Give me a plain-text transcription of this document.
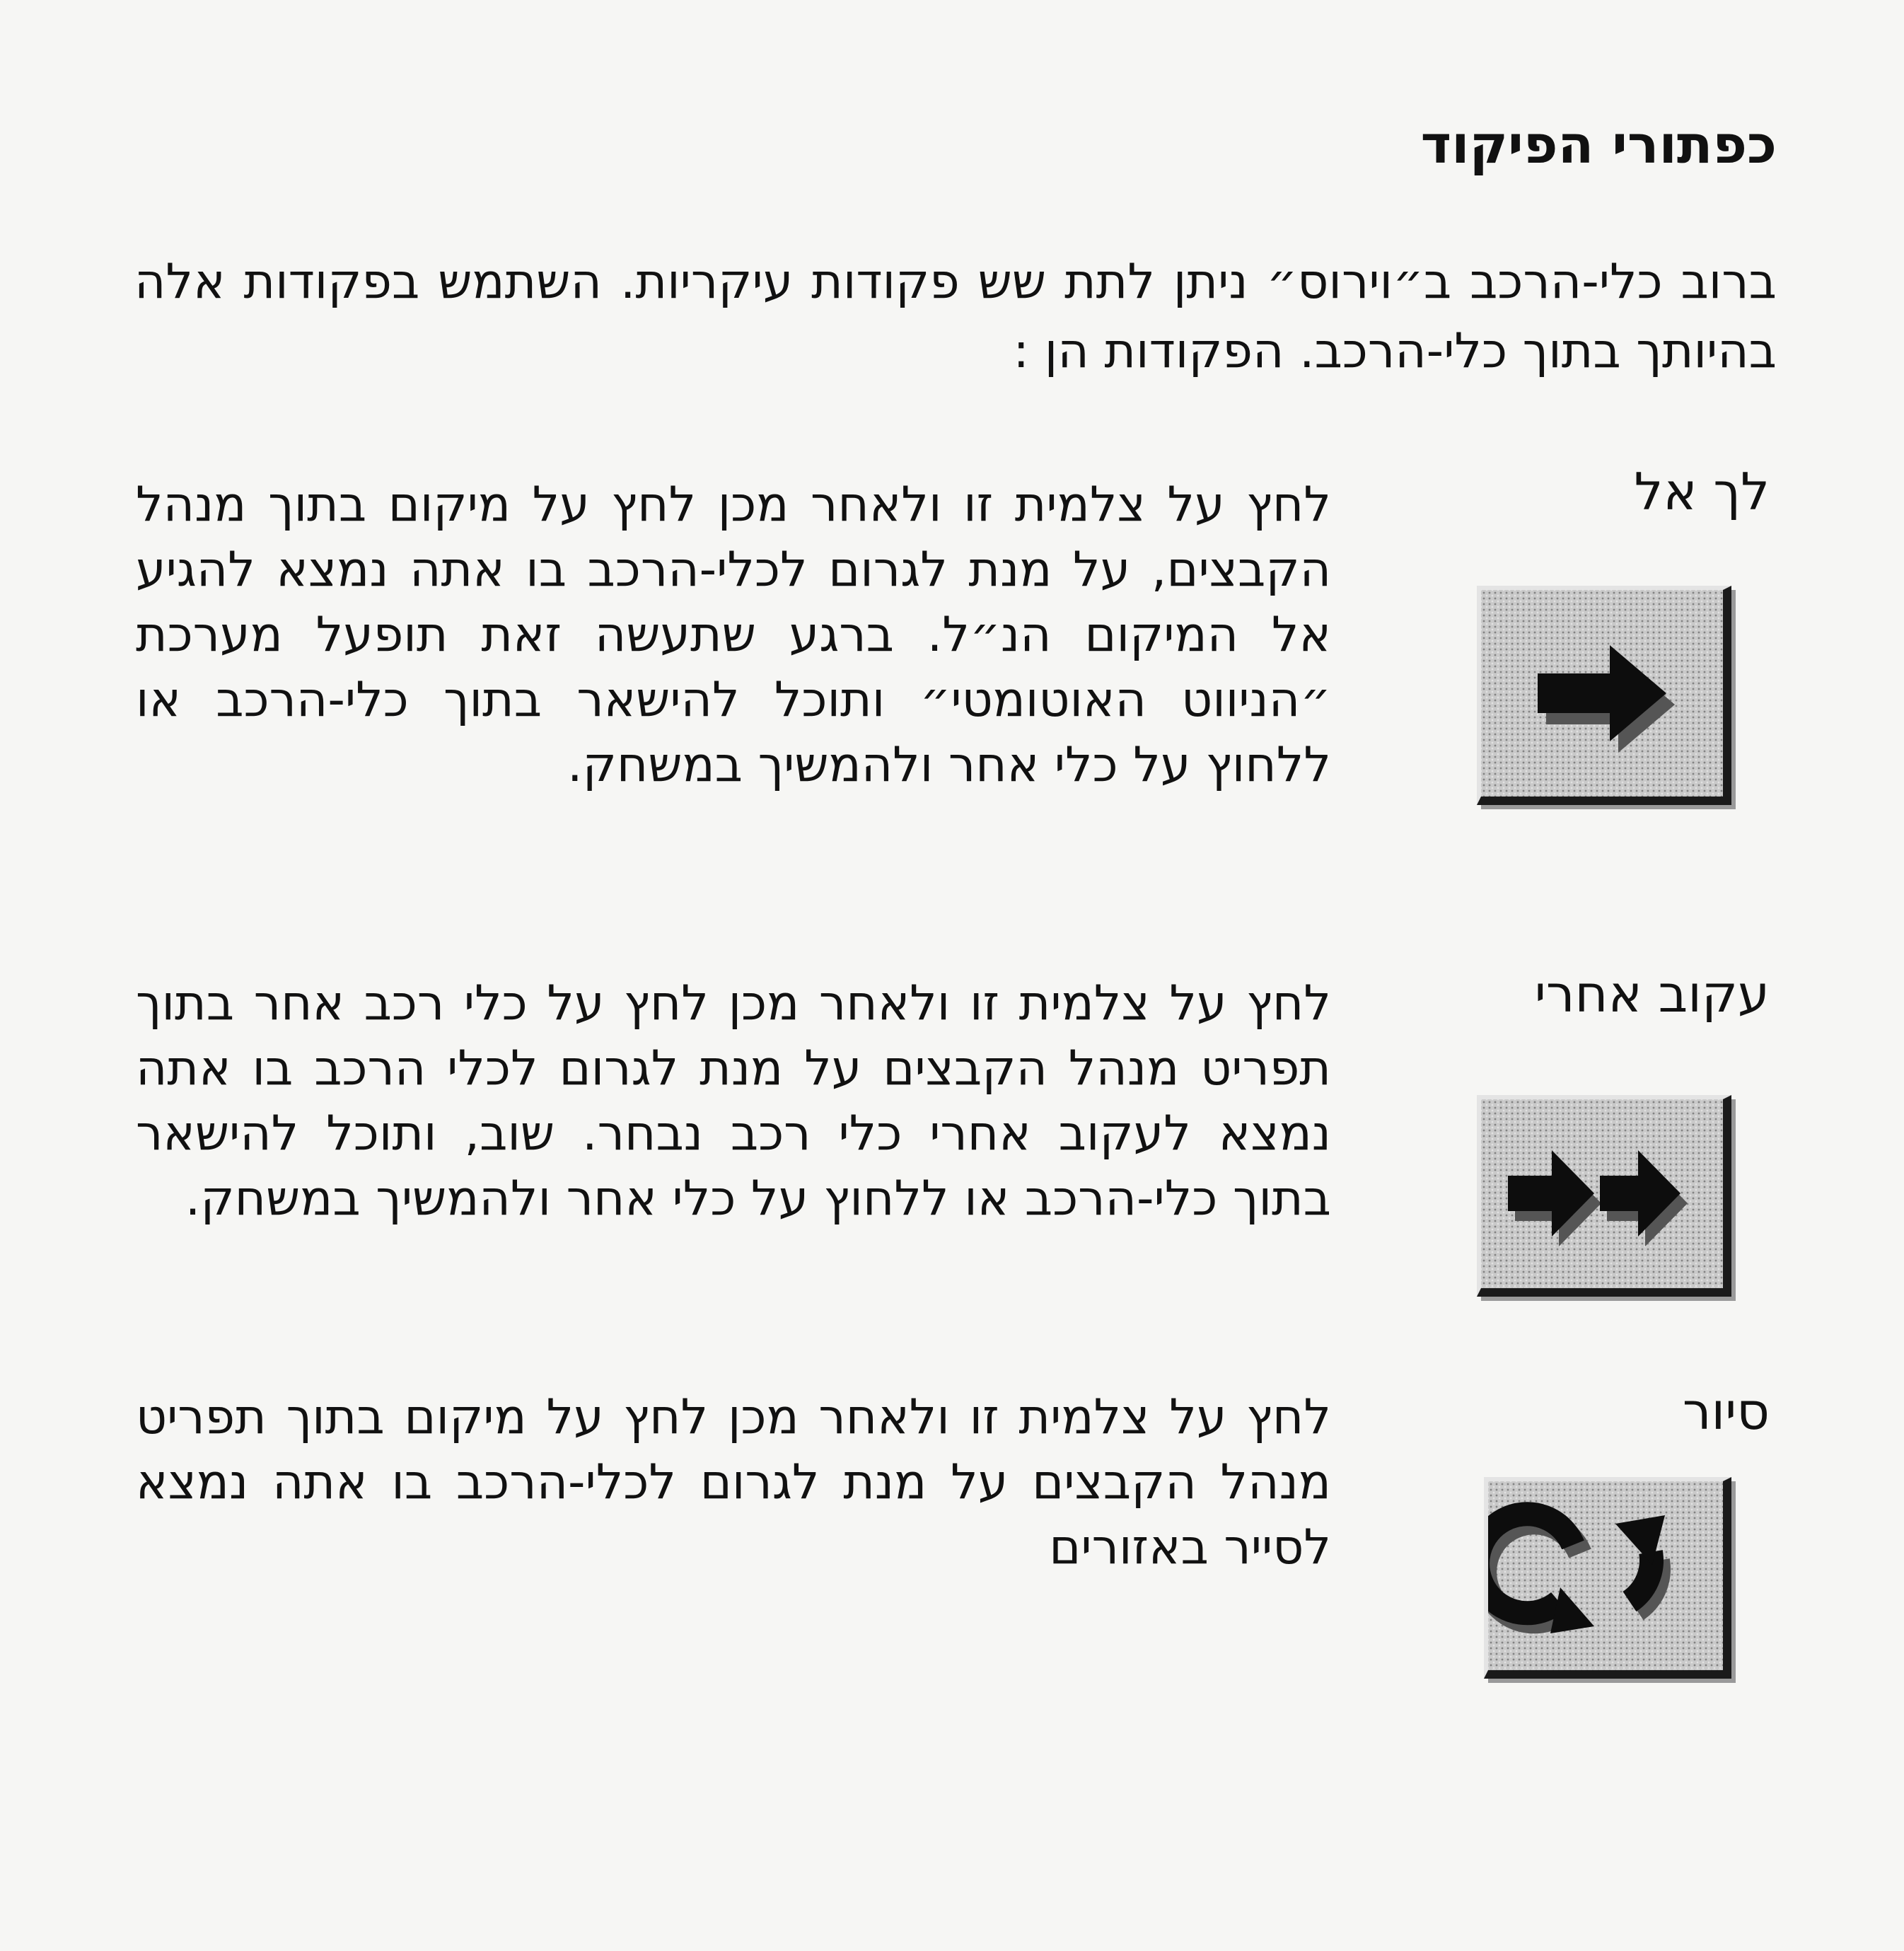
כפתורי הפיקוד

ברוב כלי-הרכב ב״וירוס״ ניתן לתת שש פקודות עיקריות. השתמש בפקודות אלה בהיותך בתוך כלי-הרכב. הפקודות הן :

לך אל

לחץ על צלמית זו ולאחר מכן לחץ על מיקום בתוך מנהל הקבצים, על מנת לגרום לכלי-הרכב בו אתה נמצא להגיע אל המיקום הנ״ל. ברגע שתעשה זאת תופעל מערכת ״הניווט האוטומטי״ ותוכל להישאר בתוך כלי-הרכב או ללחוץ על כלי אחר ולהמשיך במשחק.

עקוב אחרי

לחץ על צלמית זו ולאחר מכן לחץ על כלי רכב אחר בתוך תפריט מנהל הקבצים על מנת לגרום לכלי הרכב בו אתה נמצא לעקוב אחרי כלי רכב נבחר. שוב, ותוכל להישאר בתוך כלי-הרכב או ללחוץ על כלי אחר ולהמשיך במשחק.

סיור

לחץ על צלמית זו ולאחר מכן לחץ על מיקום בתוך תפריט מנהל הקבצים על מנת לגרום לכלי-הרכב בו אתה נמצא לסייר באזורים
